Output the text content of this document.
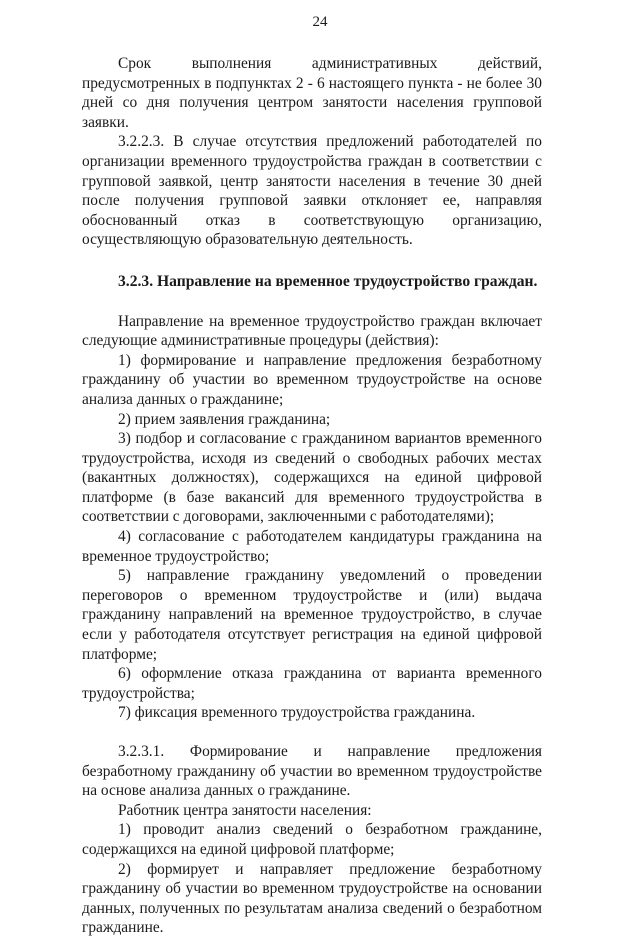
24

Срок выполнения административных действий, предусмотренных в подпунктах 2 - 6 настоящего пункта - не более 30 дней со дня получения центром занятости населения групповой заявки.

3.2.2.3. В случае отсутствия предложений работодателей по организации временного трудоустройства граждан в соответствии с групповой заявкой, центр занятости населения в течение 30 дней после получения групповой заявки отклоняет ее, направляя обоснованный отказ в соответствующую организацию, осуществляющую образовательную деятельность.

3.2.3. Направление на временное трудоустройство граждан.

Направление на временное трудоустройство граждан включает следующие административные процедуры (действия):

1) формирование и направление предложения безработному гражданину об участии во временном трудоустройстве на основе анализа данных о гражданине;

2) прием заявления гражданина;

3) подбор и согласование с гражданином вариантов временного трудоустройства, исходя из сведений о свободных рабочих местах (вакантных должностях), содержащихся на единой цифровой платформе (в базе вакансий для временного трудоустройства в соответствии с договорами, заключенными с работодателями);

4) согласование с работодателем кандидатуры гражданина на временное трудоустройство;

5) направление гражданину уведомлений о проведении переговоров о временном трудоустройстве и (или) выдача гражданину направлений на временное трудоустройство, в случае если у работодателя отсутствует регистрация на единой цифровой платформе;

6) оформление отказа гражданина от варианта временного трудоустройства;

7) фиксация временного трудоустройства гражданина.

3.2.3.1. Формирование и направление предложения безработному гражданину об участии во временном трудоустройстве на основе анализа данных о гражданине.

Работник центра занятости населения:

1) проводит анализ сведений о безработном гражданине, содержащихся на единой цифровой платформе;

2) формирует и направляет предложение безработному гражданину об участии во временном трудоустройстве на основании данных, полученных по результатам анализа сведений о безработном гражданине.
